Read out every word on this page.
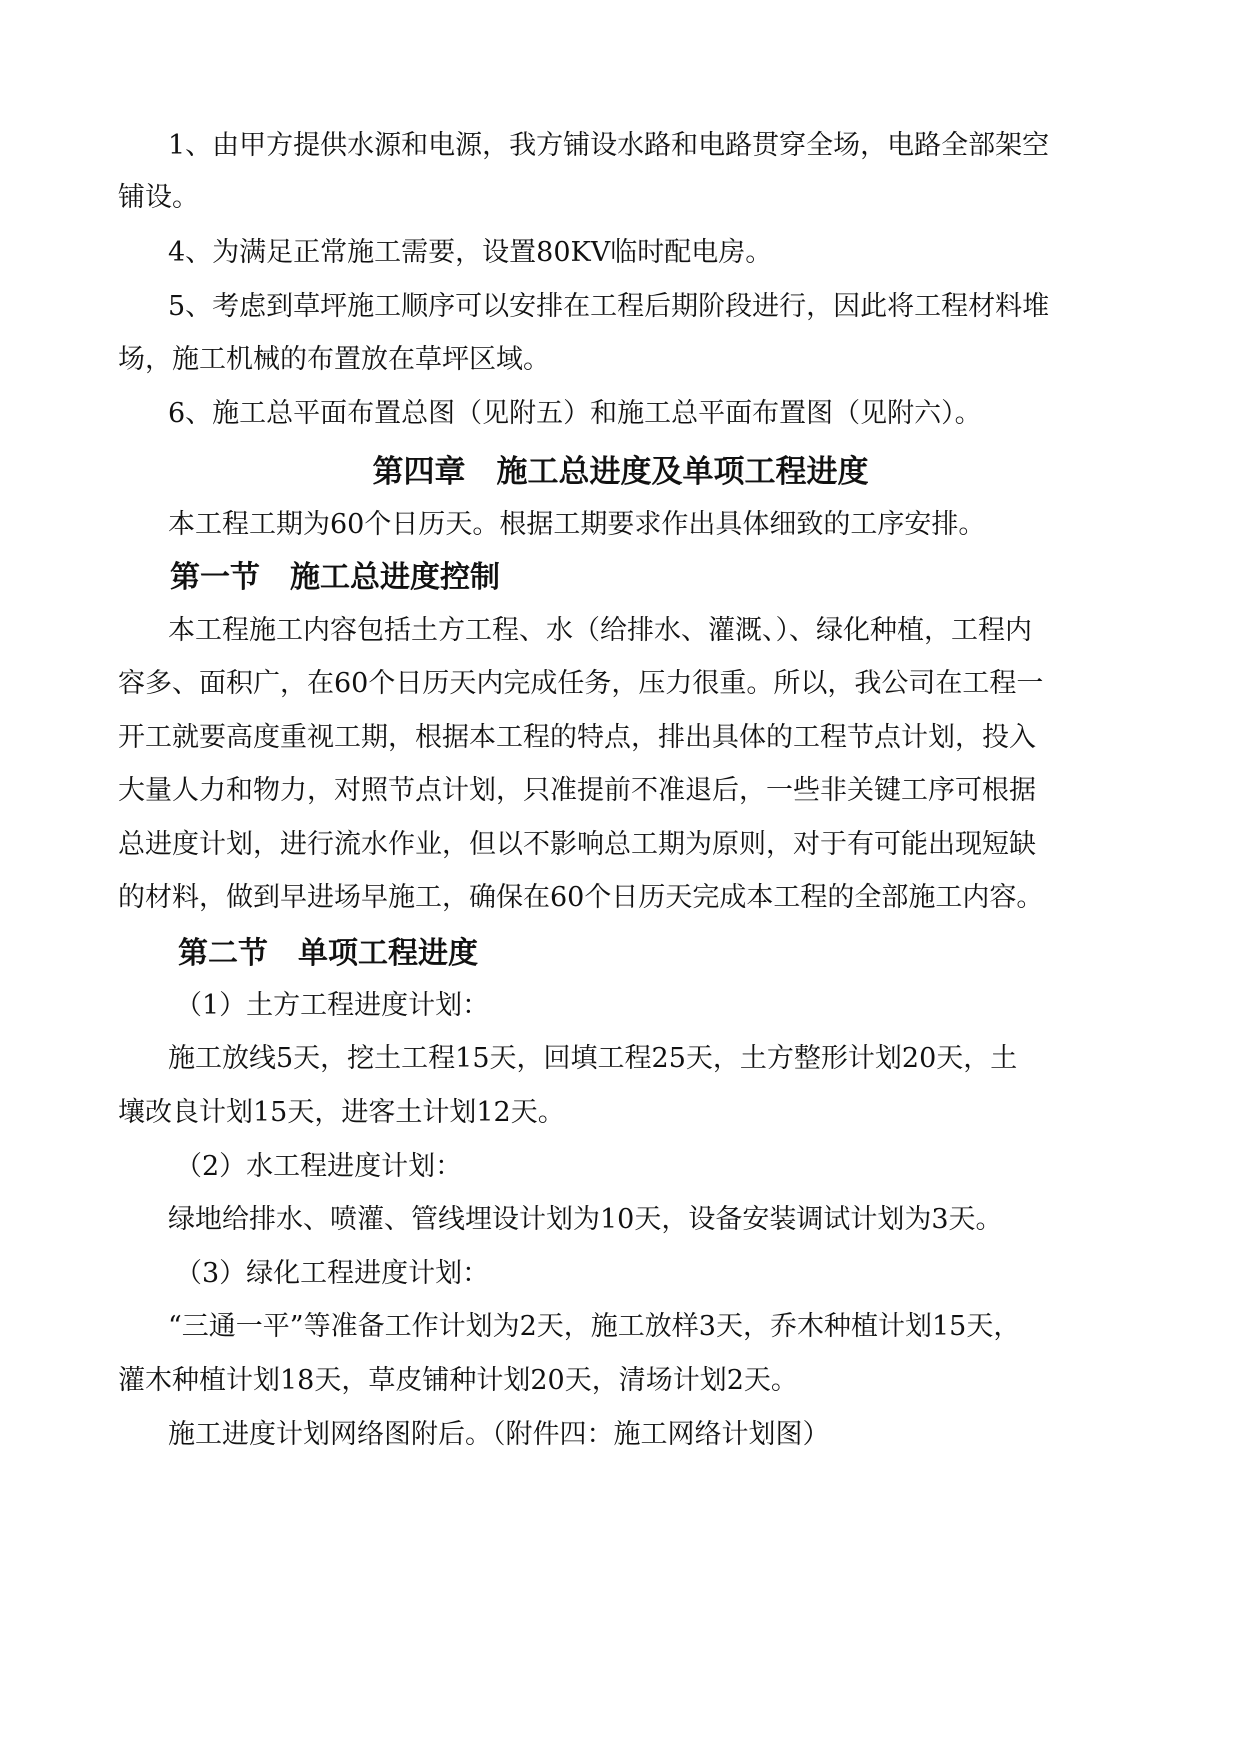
1、由甲方提供水源和电源，我方铺设水路和电路贯穿全场，电路全部架空
铺设。
4、为满足正常施工需要，设置80KV临时配电房。
5、考虑到草坪施工顺序可以安排在工程后期阶段进行，因此将工程材料堆
场，施工机械的布置放在草坪区域。
6、施工总平面布置总图（见附五）和施工总平面布置图（见附六）。
第四章　施工总进度及单项工程进度
本工程工期为60个日历天。根据工期要求作出具体细致的工序安排。
第一节　施工总进度控制
本工程施工内容包括土方工程、水（给排水、灌溉、）、绿化种植，工程内
容多、面积广，在60个日历天内完成任务，压力很重。所以，我公司在工程一
开工就要高度重视工期，根据本工程的特点，排出具体的工程节点计划，投入
大量人力和物力，对照节点计划，只准提前不准退后，一些非关键工序可根据
总进度计划，进行流水作业，但以不影响总工期为原则，对于有可能出现短缺
的材料，做到早进场早施工，确保在60个日历天完成本工程的全部施工内容。
第二节　单项工程进度
（1）土方工程进度计划：
施工放线5天，挖土工程15天，回填工程25天，土方整形计划20天，土
壤改良计划15天，进客土计划12天。
（2）水工程进度计划：
绿地给排水、喷灌、管线埋设计划为10天，设备安装调试计划为3天。
（3）绿化工程进度计划：
“三通一平”等准备工作计划为2天，施工放样3天，乔木种植计划15天，
灌木种植计划18天，草皮铺种计划20天，清场计划2天。
施工进度计划网络图附后。（附件四：施工网络计划图）
